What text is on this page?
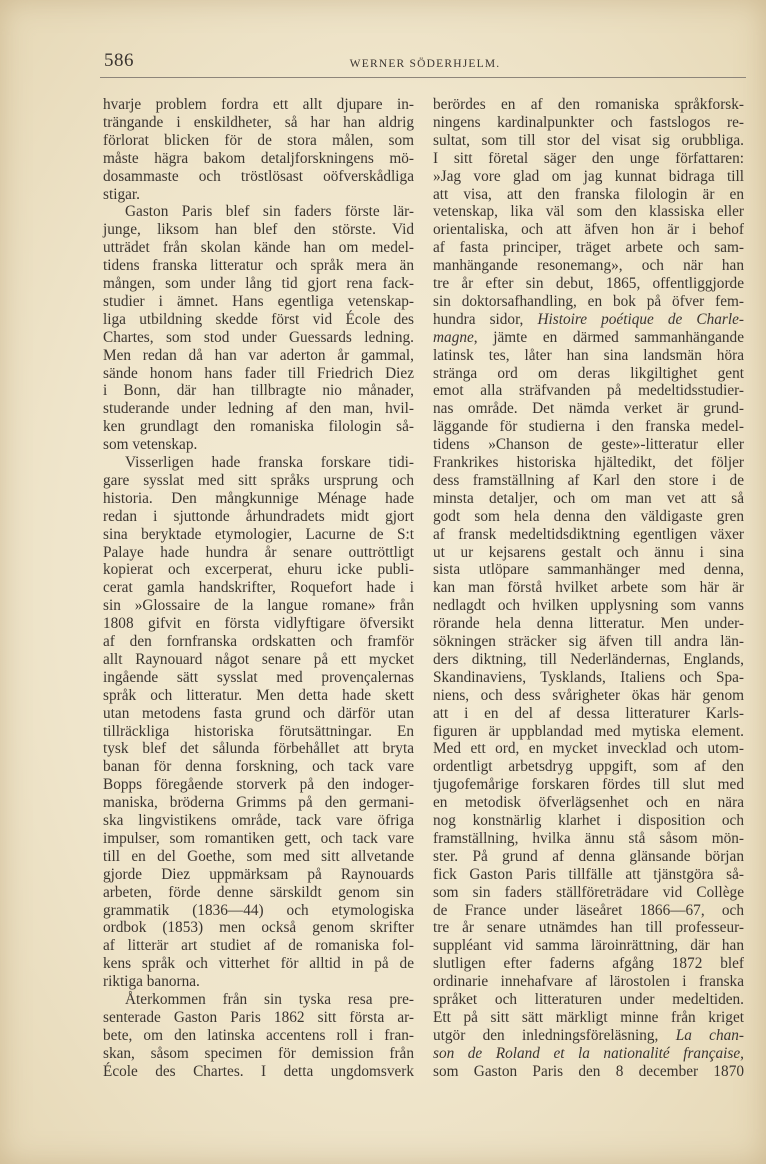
586	WERNER SÖDERHJELM.
hvarje problem fordra ett allt djupare in-
trängande i enskildheter, så har han aldrig
förlorat blicken för de stora målen, som
måste hägra bakom detaljforskningens mö-
dosammaste och tröstlösast oöfverskådliga
stigar.
Gaston Paris blef sin faders förste lär-
junge, liksom han blef den störste. Vid
utträdet från skolan kände han om medel-
tidens franska litteratur och språk mera än
mången, som under lång tid gjort rena fack-
studier i ämnet. Hans egentliga vetenskap-
liga utbildning skedde först vid École des
Chartes, som stod under Guessards ledning.
Men redan då han var aderton år gammal,
sände honom hans fader till Friedrich Diez
i Bonn, där han tillbragte nio månader,
studerande under ledning af den man, hvil-
ken grundlagt den romaniska filologin så-
som vetenskap.
Visserligen hade franska forskare tidi-
gare sysslat med sitt språks ursprung och
historia. Den mångkunnige Ménage hade
redan i sjuttonde århundradets midt gjort
sina beryktade etymologier, Lacurne de S:t
Palaye hade hundra år senare outtröttligt
kopierat och excerperat, ehuru icke publi-
cerat gamla handskrifter, Roquefort hade i
sin »Glossaire de la langue romane» från
1808 gifvit en första vidlyftigare öfversikt
af den fornfranska ordskatten och framför
allt Raynouard något senare på ett mycket
ingående sätt sysslat med provençalernas
språk och litteratur. Men detta hade skett
utan metodens fasta grund och därför utan
tillräckliga historiska förutsättningar. En
tysk blef det sålunda förbehållet att bryta
banan för denna forskning, och tack vare
Bopps föregående storverk på den indoger-
maniska, bröderna Grimms på den germani-
ska lingvistikens område, tack vare öfriga
impulser, som romantiken gett, och tack vare
till en del Goethe, som med sitt allvetande
gjorde Diez uppmärksam på Raynouards
arbeten, förde denne särskildt genom sin
grammatik (1836—44) och etymologiska
ordbok (1853) men också genom skrifter
af litterär art studiet af de romaniska fol-
kens språk och vitterhet för alltid in på de
riktiga banorna.
Återkommen från sin tyska resa pre-
senterade Gaston Paris 1862 sitt första ar-
bete, om den latinska accentens roll i fran-
skan, såsom specimen för demission från
École des Chartes. I detta ungdomsverk
berördes en af den romaniska språkforsk-
ningens kardinalpunkter och fastslogos re-
sultat, som till stor del visat sig orubbliga.
I sitt företal säger den unge författaren:
»Jag vore glad om jag kunnat bidraga till
att visa, att den franska filologin är en
vetenskap, lika väl som den klassiska eller
orientaliska, och att äfven hon är i behof
af fasta principer, träget arbete och sam-
manhängande resonemang», och när han
tre år efter sin debut, 1865, offentliggjorde
sin doktorsafhandling, en bok på öfver fem-
hundra sidor, Histoire poétique de Charle-
magne, jämte en därmed sammanhängande
latinsk tes, låter han sina landsmän höra
stränga ord om deras likgiltighet gent
emot alla sträfvanden på medeltidsstudier-
nas område. Det nämda verket är grund-
läggande för studierna i den franska medel-
tidens »Chanson de geste»-litteratur eller
Frankrikes historiska hjältedikt, det följer
dess framställning af Karl den store i de
minsta detaljer, och om man vet att så
godt som hela denna den väldigaste gren
af fransk medeltidsdiktning egentligen växer
ut ur kejsarens gestalt och ännu i sina
sista utlöpare sammanhänger med denna,
kan man förstå hvilket arbete som här är
nedlagdt och hvilken upplysning som vanns
rörande hela denna litteratur. Men under-
sökningen sträcker sig äfven till andra län-
ders diktning, till Nederländernas, Englands,
Skandinaviens, Tysklands, Italiens och Spa-
niens, och dess svårigheter ökas här genom
att i en del af dessa litteraturer Karls-
figuren är uppblandad med mytiska element.
Med ett ord, en mycket invecklad och utom-
ordentligt arbetsdryg uppgift, som af den
tjugofemårige forskaren fördes till slut med
en metodisk öfverlägsenhet och en nära
nog konstnärlig klarhet i disposition och
framställning, hvilka ännu stå såsom mön-
ster. På grund af denna glänsande början
fick Gaston Paris tillfälle att tjänstgöra så-
som sin faders ställföreträdare vid Collège
de France under läseåret 1866—67, och
tre år senare utnämdes han till professeur-
suppléant vid samma läroinrättning, där han
slutligen efter faderns afgång 1872 blef
ordinarie innehafvare af lärostolen i franska
språket och litteraturen under medeltiden.
Ett på sitt sätt märkligt minne från kriget
utgör den inledningsföreläsning, La chan-
son de Roland et la nationalité française,
som Gaston Paris den 8 december 1870
